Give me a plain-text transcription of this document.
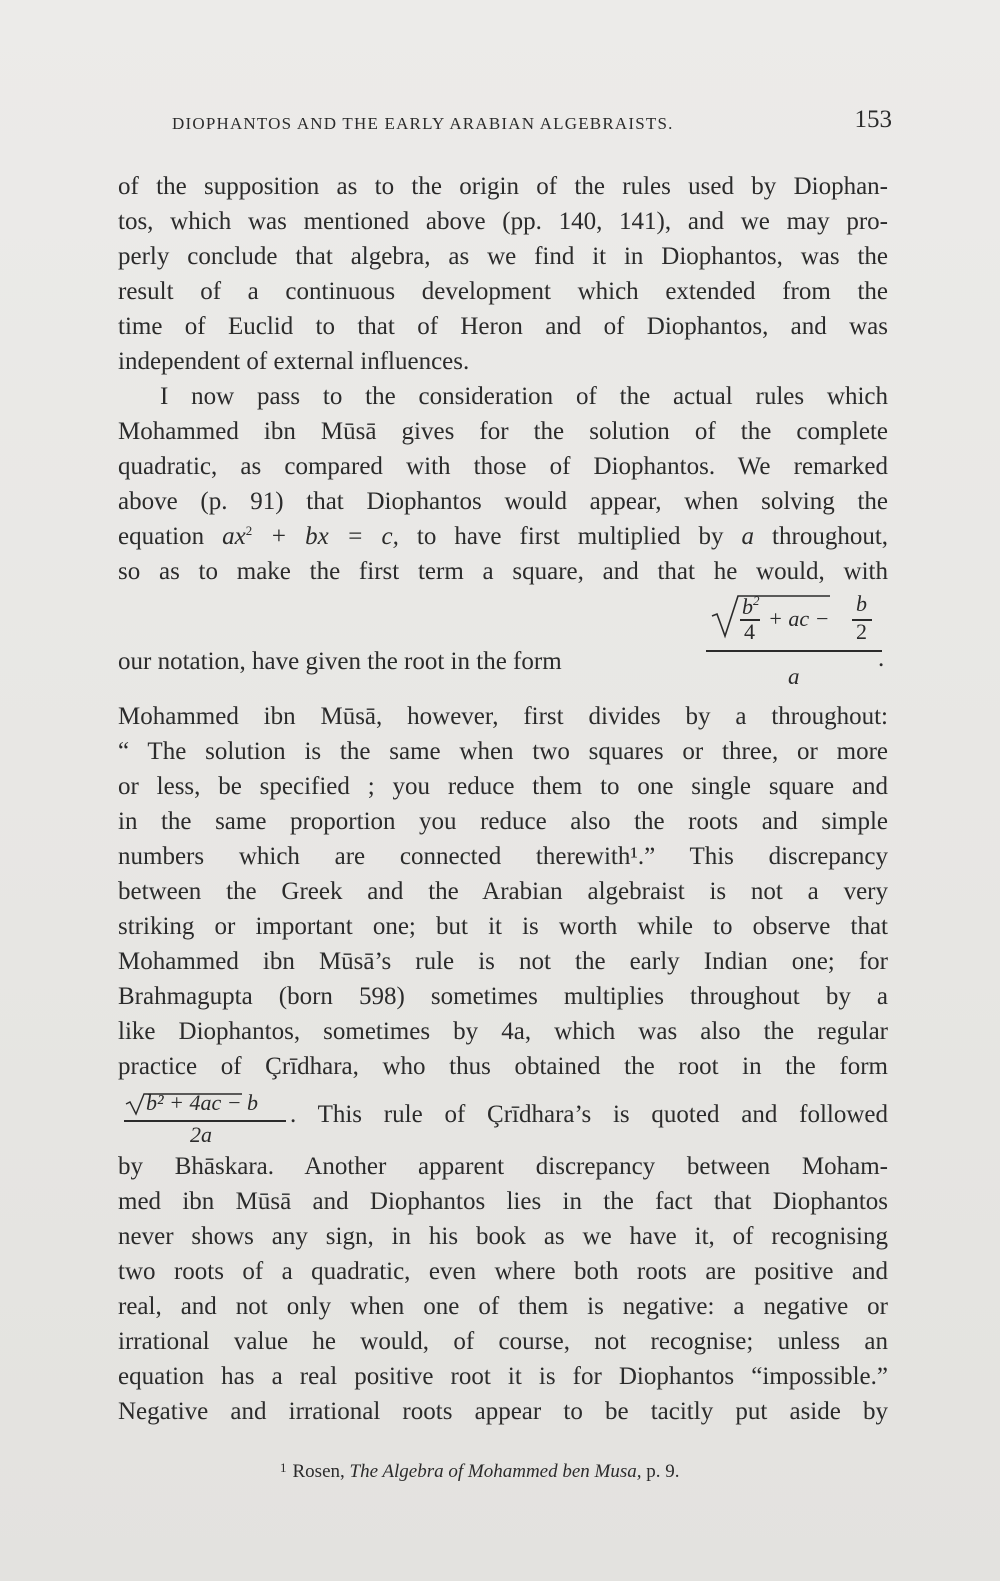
DIOPHANTOS AND THE EARLY ARABIAN ALGEBRAISTS.	153
of the supposition as to the origin of the rules used by Diophan-
tos, which was mentioned above (pp. 140, 141), and we may pro-
perly conclude that algebra, as we find it in Diophantos, was the
result of a continuous development which extended from the
time of Euclid to that of Heron and of Diophantos, and was
independent of external influences.
I now pass to the consideration of the actual rules which
Mohammed ibn Mūsā gives for the solution of the complete
quadratic, as compared with those of Diophantos. We remarked
above (p. 91) that Diophantos would appear, when solving the
equation $ax^2$ + bx = c, to have first multiplied by a throughout,
so as to make the first term a square, and that he would, with
$b^2$
4
+ ac −
b
2
our notation, have given the root in the form	.
a
Mohammed ibn Mūsā, however, first divides by a throughout:
“ The solution is the same when two squares or three, or more
or less, be specified ; you reduce them to one single square and
in the same proportion you reduce also the roots and simple
numbers which are connected therewith¹.” This discrepancy
between the Greek and the Arabian algebraist is not a very
striking or important one; but it is worth while to observe that
Mohammed ibn Mūsā’s rule is not the early Indian one; for
Brahmagupta (born 598) sometimes multiplies throughout by a
like Diophantos, sometimes by 4a, which was also the regular
practice of Çrīdhara, who thus obtained the root in the form
b² + 4ac − b
2a
. This rule of Çrīdhara’s is quoted and followed
by Bhāskara. Another apparent discrepancy between Moham-
med ibn Mūsā and Diophantos lies in the fact that Diophantos
never shows any sign, in his book as we have it, of recognising
two roots of a quadratic, even where both roots are positive and
real, and not only when one of them is negative: a negative or
irrational value he would, of course, not recognise; unless an
equation has a real positive root it is for Diophantos “impossible.”
Negative and irrational roots appear to be tacitly put aside by
$^1$ Rosen, The Algebra of Mohammed ben Musa, p. 9.
